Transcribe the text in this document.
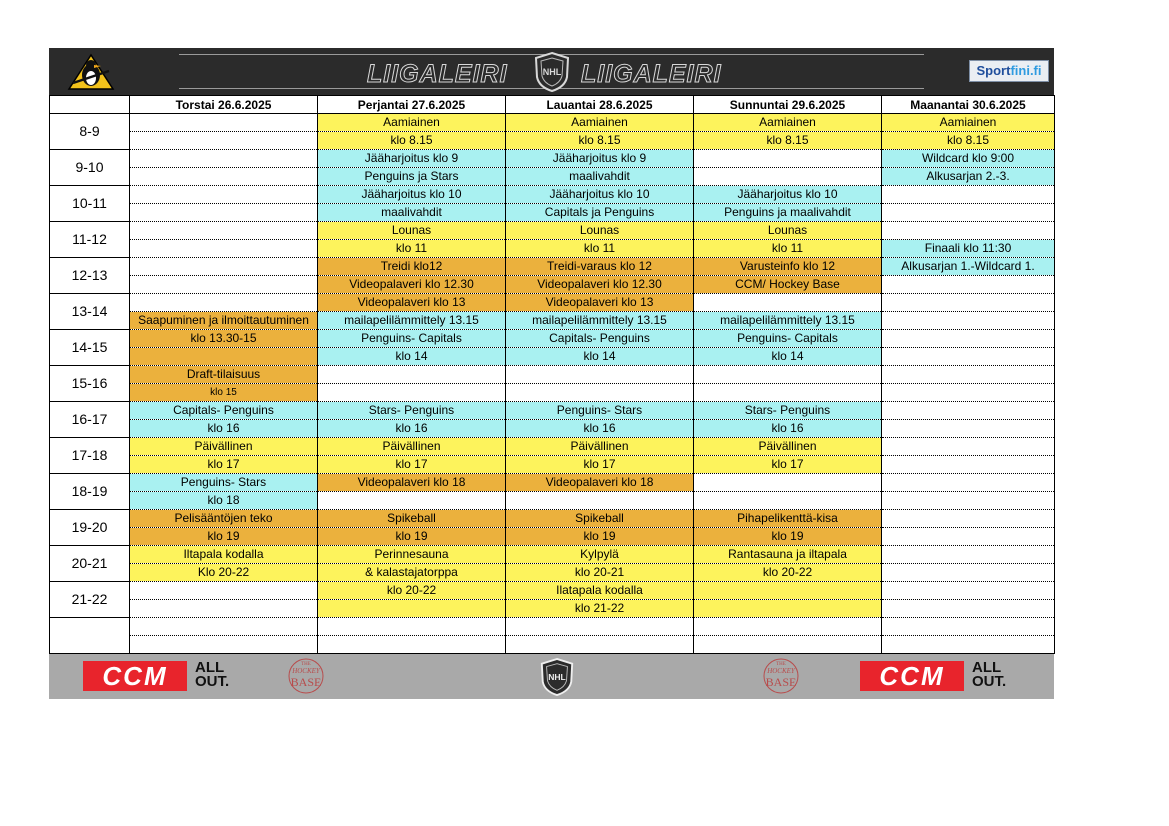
LIIGALEIRI	NHL LIIGALEIRI	Sportfini.fi
	Torstai 26.6.2025	Perjantai 27.6.2025	Lauantai 28.6.2025	Sunnuntai 29.6.2025	Maanantai 30.6.2025
8-9		Aamiainen	Aamiainen	Aamiainen	Aamiainen
		klo 8.15	klo 8.15	klo 8.15	klo 8.15
9-10		Jääharjoitus klo 9	Jääharjoitus klo 9		Wildcard klo 9:00
		Penguins ja Stars	maalivahdit		Alkusarjan 2.-3.
10-11		Jääharjoitus klo 10	Jääharjoitus klo 10	Jääharjoitus klo 10	
		maalivahdit	Capitals ja Penguins	Penguins ja maalivahdit	
11-12		Lounas	Lounas	Lounas	
		klo 11	klo 11	klo 11	Finaali klo 11:30
12-13		Treidi klo12	Treidi-varaus klo 12	Varusteinfo klo 12	Alkusarjan 1.-Wildcard 1.
		Videopalaveri klo 12.30	Videopalaveri klo 12.30	CCM/ Hockey Base	
13-14		Videopalaveri klo 13	Videopalaveri klo 13		
	Saapuminen ja ilmoittautuminen	mailapelilämmittely 13.15	mailapelilämmittely 13.15	mailapelilämmittely 13.15	
14-15	klo 13.30-15	Penguins- Capitals	Capitals- Penguins	Penguins- Capitals	
		klo 14	klo 14	klo 14	
15-16	Draft-tilaisuus				
	klo 15				
16-17	Capitals- Penguins	Stars- Penguins	Penguins- Stars	Stars- Penguins	
	klo 16	klo 16	klo 16	klo 16	
17-18	Päivällinen	Päivällinen	Päivällinen	Päivällinen	
	klo 17	klo 17	klo 17	klo 17	
18-19	Penguins- Stars	Videopalaveri klo 18	Videopalaveri klo 18		
	klo 18				
19-20	Pelisääntöjen teko	Spikeball	Spikeball	Pihapelikenttä-kisa	
	klo 19	klo 19	klo 19	klo 19	
20-21	Iltapala kodalla	Perinnesauna	Kylpylä	Rantasauna ja iltapala	
	Klo 20-22	& kalastajatorppa	klo 20-21	klo 20-22	
21-22		klo 20-22	Ilatapala kodalla		
			klo 21-22		

CCM	ALL
OUT.
THE
HOCKEY
BASE	NHL
THE
HOCKEY
BASE	CCM	ALL
OUT.
